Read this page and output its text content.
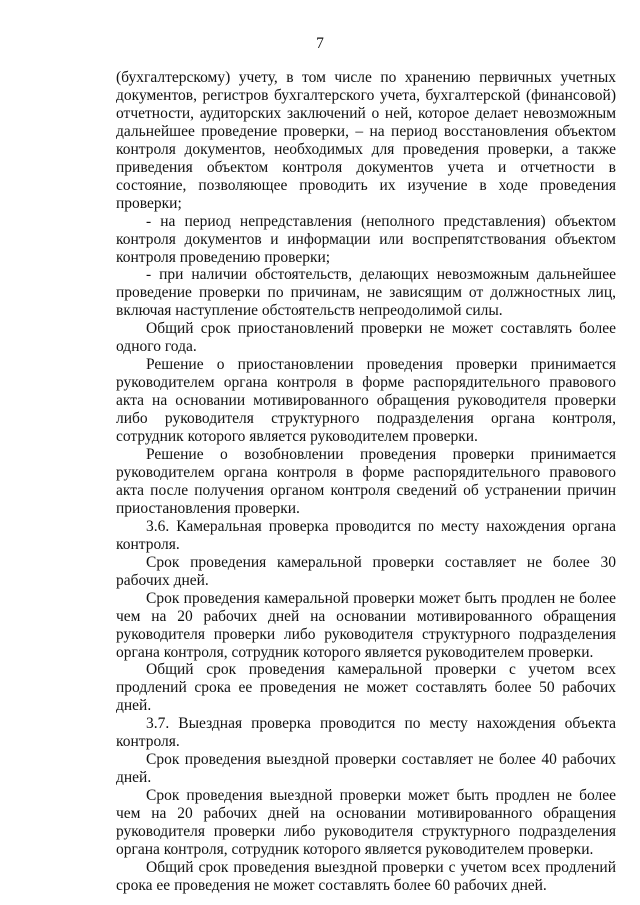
7

(бухгалтерскому) учету, в том числе по хранению первичных учетных документов, регистров бухгалтерского учета, бухгалтерской (финансовой) отчетности, аудиторских заключений о ней, которое делает невозможным дальнейшее проведение проверки, – на период восстановления объектом контроля документов, необходимых для проведения проверки, а также приведения объектом контроля документов учета и отчетности в состояние, позволяющее проводить их изучение в ходе проведения проверки;

- на период непредставления (неполного представления) объектом контроля документов и информации или воспрепятствования объектом контроля проведению проверки;

- при наличии обстоятельств, делающих невозможным дальнейшее проведение проверки по причинам, не зависящим от должностных лиц, включая наступление обстоятельств непреодолимой силы.

Общий срок приостановлений проверки не может составлять более одного года.

Решение о приостановлении проведения проверки принимается руководителем органа контроля в форме распорядительного правового акта на основании мотивированного обращения руководителя проверки либо руководителя структурного подразделения органа контроля, сотрудник которого является руководителем проверки.

Решение о возобновлении проведения проверки принимается руководителем органа контроля в форме распорядительного правового акта после получения органом контроля сведений об устранении причин приостановления проверки.

3.6. Камеральная проверка проводится по месту нахождения органа контроля.

Срок проведения камеральной проверки составляет не более 30 рабочих дней.

Срок проведения камеральной проверки может быть продлен не более чем на 20 рабочих дней на основании мотивированного обращения руководителя проверки либо руководителя структурного подразделения органа контроля, сотрудник которого является руководителем проверки.

Общий срок проведения камеральной проверки с учетом всех продлений срока ее проведения не может составлять более 50 рабочих дней.

3.7. Выездная проверка проводится по месту нахождения объекта контроля.

Срок проведения выездной проверки составляет не более 40 рабочих дней.

Срок проведения выездной проверки может быть продлен не более чем на 20 рабочих дней на основании мотивированного обращения руководителя проверки либо руководителя структурного подразделения органа контроля, сотрудник которого является руководителем проверки.

Общий срок проведения выездной проверки с учетом всех продлений срока ее проведения не может составлять более 60 рабочих дней.
